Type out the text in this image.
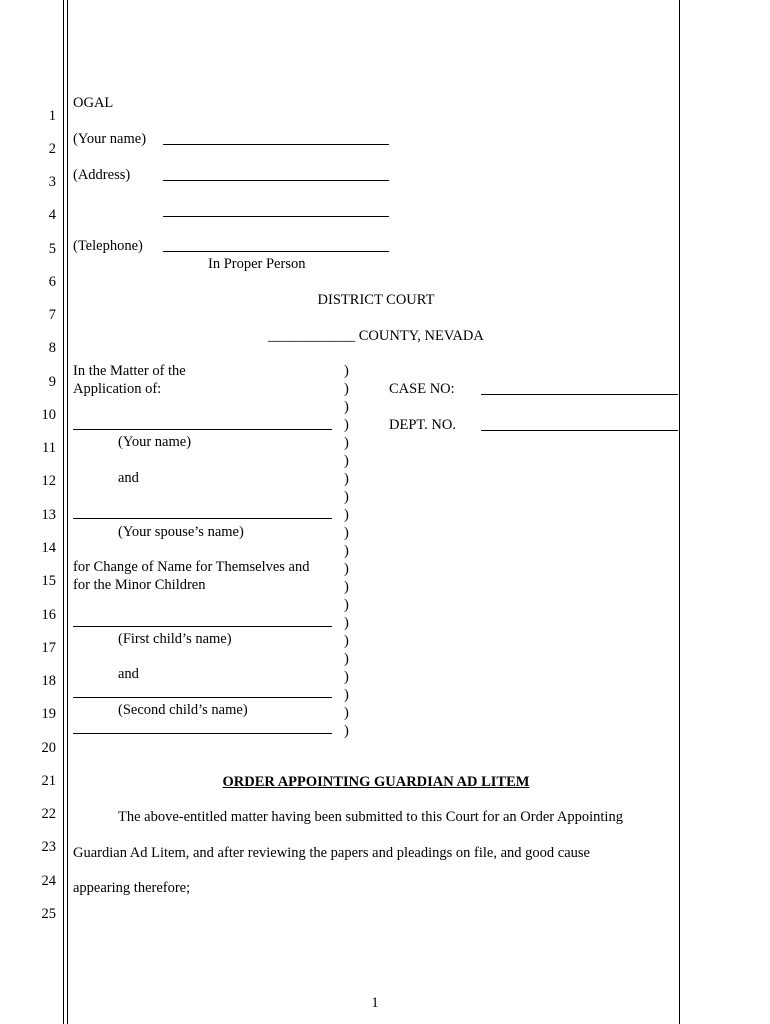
1
2
3
4
5
6
7
8
9
10
11
12
13
14
15
16
17
18
19
20
21
22
23
24
25
OGAL
(Your name)
(Address)
(Telephone)
In Proper Person
DISTRICT COURT
____________ COUNTY, NEVADA
In the Matter of the
Application of:
(Your name)
and
(Your spouse’s name)
for Change of Name for Themselves and
for the Minor Children
(First child’s name)
and
(Second child’s name)
)
)
)
)
)
)
)
)
)
)
)
)
)
)
)
)
)
)
)
)
)
CASE NO:
DEPT. NO.
ORDER APPOINTING GUARDIAN AD LITEM
The above-entitled matter having been submitted to this Court for an Order Appointing
Guardian Ad Litem, and after reviewing the papers and pleadings on file, and good cause
appearing therefore;
1
